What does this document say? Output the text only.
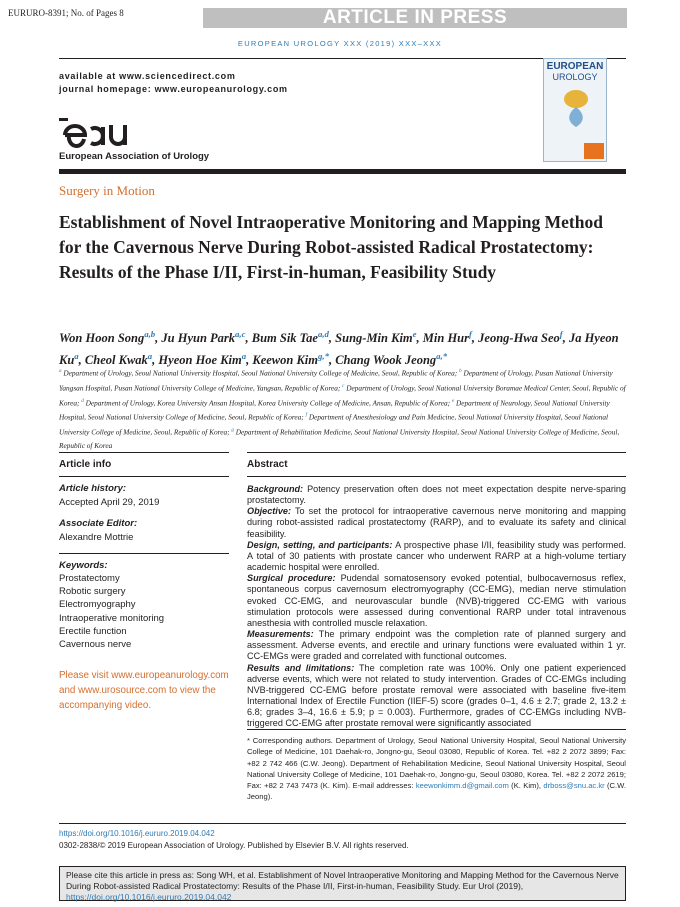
EURURO-8391; No. of Pages 8	ARTICLE IN PRESS
EUROPEAN UROLOGY XXX (2019) XXX–XXX
available at www.sciencedirect.com
journal homepage: www.europeanurology.com
European Association of Urology
EUROPEAN
UROLOGY
Surgery in Motion
Establishment of Novel Intraoperative Monitoring and Mapping Method for the Cavernous Nerve During Robot-assisted Radical Prostatectomy: Results of the Phase I/II, First-in-human, Feasibility Study
Won Hoon Song$^{a,b}$, Ju Hyun Park$^{a,c}$, Bum Sik Tae$^{a,d}$, Sung-Min Kim$^e$, Min Hur$^f$, Jeong-Hwa Seo$^f$, Ja Hyeon Ku$^a$, Cheol Kwak$^a$, Hyeon Hoe Kim$^a$, Keewon Kim$^{g,*}$, Chang Wook Jeong$^{a,*}$
$^a$ Department of Urology, Seoul National University Hospital, Seoul National University College of Medicine, Seoul, Republic of Korea; $^b$ Department of Urology, Pusan National University Yangsan Hospital, Pusan National University College of Medicine, Yangsan, Republic of Korea; $^c$ Department of Urology, Seoul National University Boramae Medical Center, Seoul, Republic of Korea; $^d$ Department of Urology, Korea University Ansan Hospital, Korea University College of Medicine, Ansan, Republic of Korea; $^e$ Department of Neurology, Seoul National University Hospital, Seoul National University College of Medicine, Seoul, Republic of Korea; $^f$ Department of Anesthesiology and Pain Medicine, Seoul National University Hospital, Seoul National University College of Medicine, Seoul, Republic of Korea; $^g$ Department of Rehabilitation Medicine, Seoul National University Hospital, Seoul National University College of Medicine, Seoul, Republic of Korea
Article info
Article history:
Accepted April 29, 2019
Associate Editor:
Alexandre Mottrie
Keywords:
Prostatectomy
Robotic surgery
Electromyography
Intraoperative monitoring
Erectile function
Cavernous nerve
Please visit www.europeanurology.com and www.urosource.com to view the accompanying video.
Abstract
Background: Potency preservation often does not meet expectation despite nerve-sparing prostatectomy.
Objective: To set the protocol for intraoperative cavernous nerve monitoring and mapping during robot-assisted radical prostatectomy (RARP), and to evaluate its safety and clinical feasibility.
Design, setting, and participants: A prospective phase I/II, feasibility study was performed. A total of 30 patients with prostate cancer who underwent RARP at a high-volume tertiary academic hospital were enrolled.
Surgical procedure: Pudendal somatosensory evoked potential, bulbocavernosus reflex, spontaneous corpus cavernosum electromyography (CC-EMG), median nerve stimulation evoked CC-EMG, and neurovascular bundle (NVB)-triggered CC-EMG with various stimulation protocols were assessed during conventional RARP under total intravenous anesthesia with controlled muscle relaxation.
Measurements: The primary endpoint was the completion rate of planned surgery and assessment. Adverse events, and erectile and urinary functions were evaluated within 1 yr. CC-EMGs were graded and correlated with functional outcomes.
Results and limitations: The completion rate was 100%. Only one patient experienced adverse events, which were not related to study intervention. Grades of CC-EMGs including NVB-triggered CC-EMG before prostate removal were associated with baseline five-item International Index of Erectile Function (IIEF-5) score (grades 0–1, 4.6 ± 2.7; grade 2, 13.2 ± 6.8; grades 3–4, 16.6 ± 5.9; p = 0.003). Furthermore, grades of CC-EMGs including NVB-triggered CC-EMG after prostate removal were significantly associated
* Corresponding authors. Department of Urology, Seoul National University Hospital, Seoul National University College of Medicine, 101 Daehak-ro, Jongno-gu, Seoul 03080, Republic of Korea. Tel. +82 2 2072 3899; Fax: +82 2 742 466 (C.W. Jeong). Department of Rehabilitation Medicine, Seoul National University Hospital, Seoul National University College of Medicine, 101 Daehak-ro, Jongno-gu, Seoul 03080, Korea. Tel. +82 2 2072 2619; Fax: +82 2 743 7473 (K. Kim). E-mail addresses: keewonkimm.d@gmail.com (K. Kim), drboss@snu.ac.kr (C.W. Jeong).
https://doi.org/10.1016/j.eururo.2019.04.042
0302-2838/© 2019 European Association of Urology. Published by Elsevier B.V. All rights reserved.
Please cite this article in press as: Song WH, et al. Establishment of Novel Intraoperative Monitoring and Mapping Method for the Cavernous Nerve During Robot-assisted Radical Prostatectomy: Results of the Phase I/II, First-in-human, Feasibility Study. Eur Urol (2019), https://doi.org/10.1016/j.eururo.2019.04.042
